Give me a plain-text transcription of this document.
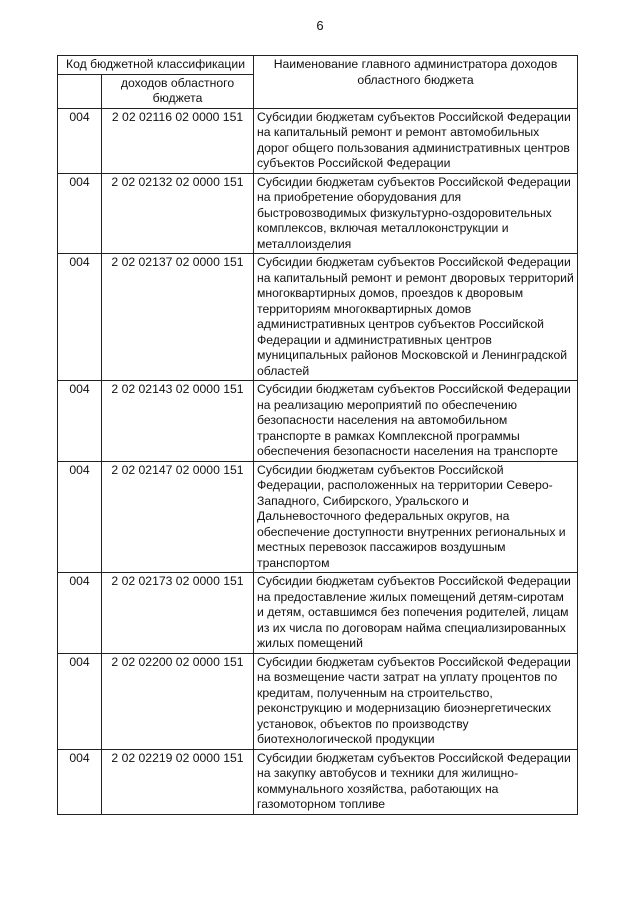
6
Код бюджетной классификации		Наименование главного администратора доходов областного бюджета
	доходов областного бюджета	
004	2 02 02116 02 0000 151	Субсидии бюджетам субъектов Российской Федерации на капитальный ремонт и ремонт автомобильных дорог общего пользования административных центров субъектов Российской Федерации
004	2 02 02132 02 0000 151	Субсидии бюджетам субъектов Российской Федерации на приобретение оборудования для быстровозводимых физкультурно-оздоровительных комплексов, включая металлоконструкции и металлоизделия
004	2 02 02137 02 0000 151	Субсидии бюджетам субъектов Российской Федерации на капитальный ремонт и ремонт дворовых территорий многоквартирных домов, проездов к дворовым территориям многоквартирных домов административных центров субъектов Российской Федерации и административных центров муниципальных районов Московской и Ленинградской областей
004	2 02 02143 02 0000 151	Субсидии бюджетам субъектов Российской Федерации на реализацию мероприятий по обеспечению безопасности населения на автомобильном транспорте в рамках Комплексной программы обеспечения безопасности населения на транспорте
004	2 02 02147 02 0000 151	Субсидии бюджетам субъектов Российской Федерации, расположенных на территории Северо-Западного, Сибирского, Уральского и Дальневосточного федеральных округов, на обеспечение доступности внутренних региональных и местных перевозок пассажиров воздушным транспортом
004	2 02 02173 02 0000 151	Субсидии бюджетам субъектов Российской Федерации на предоставление жилых помещений детям-сиротам и детям, оставшимся без попечения родителей, лицам из их числа по договорам найма специализированных жилых помещений
004	2 02 02200 02 0000 151	Субсидии бюджетам субъектов Российской Федерации на возмещение части затрат на уплату процентов по кредитам, полученным на строительство, реконструкцию и модернизацию биоэнергетических установок, объектов по производству биотехнологической продукции
004	2 02 02219 02 0000 151	Субсидии бюджетам субъектов Российской Федерации на закупку автобусов и техники для жилищно-коммунального хозяйства, работающих на газомоторном топливе
